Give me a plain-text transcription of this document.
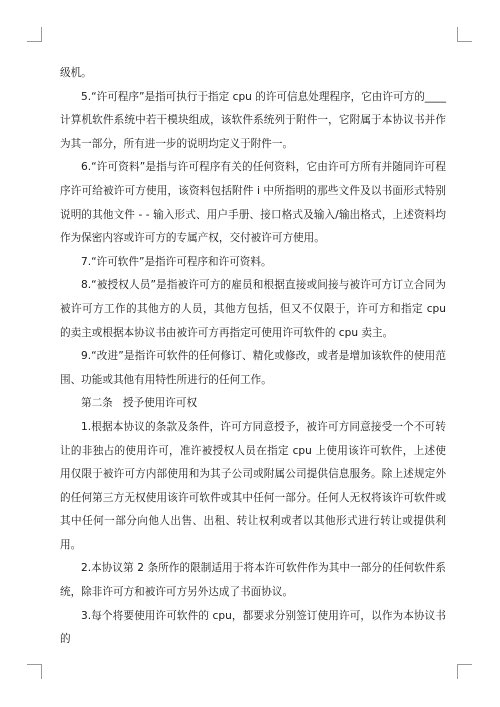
级机。

5.“许可程序”是指可执行于指定 cpu 的许可信息处理程序，它由许可方的____计算机软件系统中若干模块组成，该软件系统列于附件一，它附属于本协议书并作为其一部分，所有进一步的说明均定义于附件一。

6.“许可资料”是指与许可程序有关的任何资料，它由许可方所有并随同许可程序许可给被许可方使用，该资料包括附件 i 中所指明的那些文件及以书面形式特别说明的其他文件 - - 输入形式、用户手册、接口格式及输入/输出格式，上述资料均作为保密内容或许可方的专属产权，交付被许可方使用。

7.“许可软件”是指许可程序和许可资料。

8.“被授权人员”是指被许可方的雇员和根据直接或间接与被许可方订立合同为被许可方工作的其他方的人员，其他方包括，但又不仅限于，许可方和指定 cpu 的卖主或根据本协议书由被许可方再指定可使用许可软件的 cpu 卖主。

9.“改进”是指许可软件的任何修订、精化或修改，或者是增加该软件的使用范围、功能或其他有用特性所进行的任何工作。

第二条   授予使用许可权

1.根据本协议的条款及条件，许可方同意授予，被许可方同意接受一个不可转让的非独占的使用许可，准许被授权人员在指定 cpu 上使用该许可软件，上述使用仅限于被许可方内部使用和为其子公司或附属公司提供信息服务。除上述规定外的任何第三方无权使用该许可软件或其中任何一部分。任何人无权将该许可软件或其中任何一部分向他人出售、出租、转让权利或者以其他形式进行转让或提供利用。

2.本协议第 2 条所作的限制适用于将本许可软件作为其中一部分的任何软件系统，除非许可方和被许可方另外达成了书面协议。

3.每个将要使用许可软件的 cpu，都要求分别签订使用许可，以作为本协议书的
